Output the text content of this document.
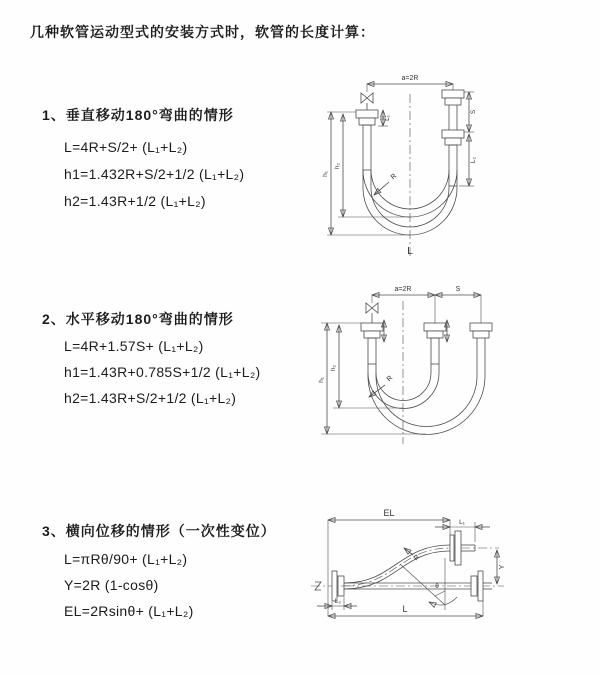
几种软管运动型式的安装方式时，软管的长度计算：
1、垂直移动180°弯曲的情形
L=4R+S/2+ (L₁+L₂)
h1=1.432R+S/2+1/2 (L₁+L₂)
h2=1.43R+1/2 (L₁+L₂)
2、水平移动180°弯曲的情形
L=4R+1.57S+ (L₁+L₂)
h1=1.43R+0.785S+1/2 (L₁+L₂)
h2=1.43R+S/2+1/2 (L₁+L₂)
3、横向位移的情形（一次性变位）
L=πRθ/90+ (L₁+L₂)
Y=2R (1-cosθ)
EL=2Rsinθ+ (L₁+L₂)
a=2R
h₁
h₂
L₁
S
L₂
R
L
a=2R	S
h₁
h₂
R
EL
L₁
θ
R
Y
L
L₂
